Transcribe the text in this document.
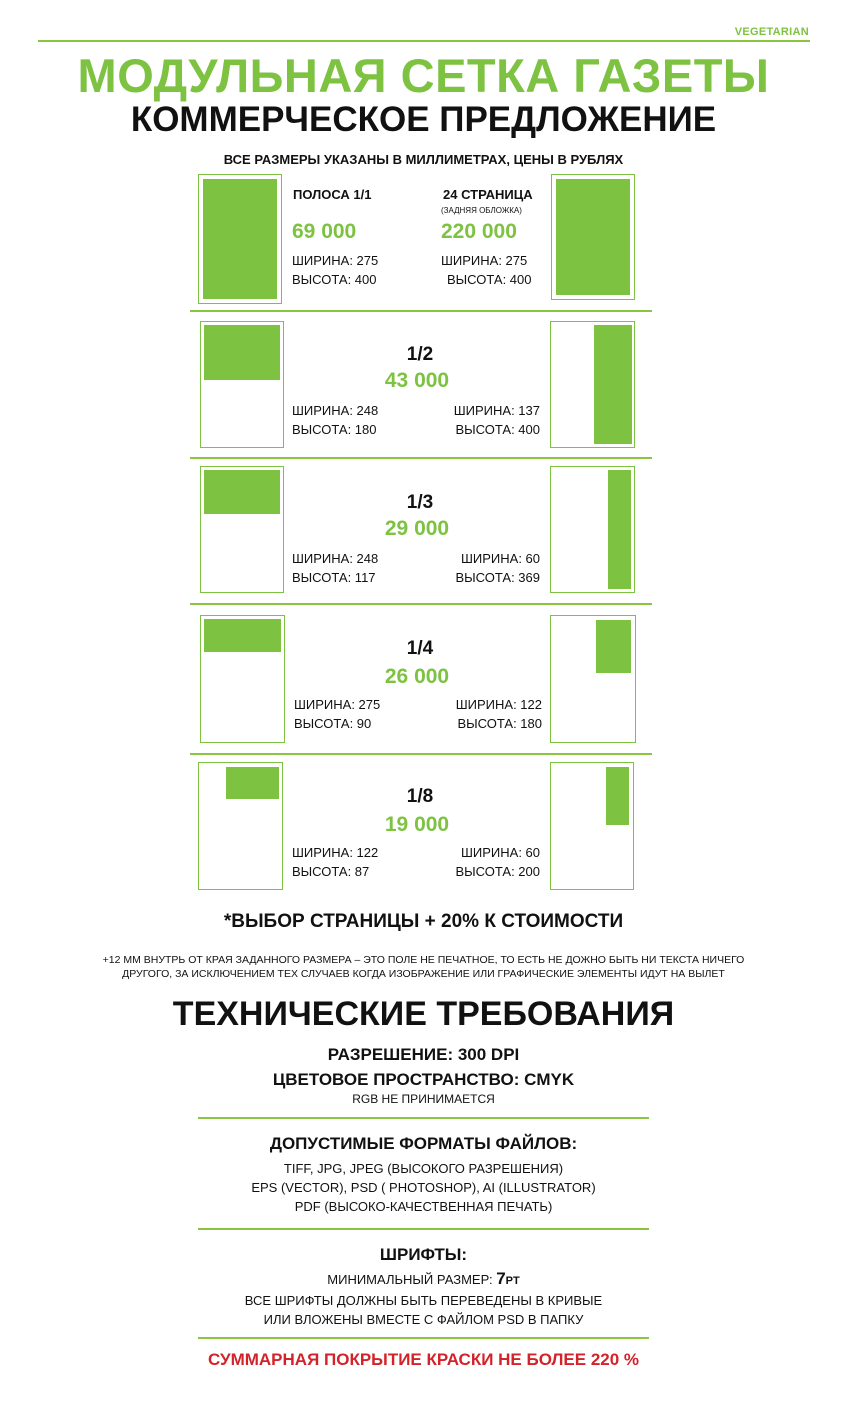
VEGETARIAN
МОДУЛЬНАЯ СЕТКА ГАЗЕТЫ
КОММЕРЧЕСКОЕ ПРЕДЛОЖЕНИЕ
ВСЕ РАЗМЕРЫ УКАЗАНЫ В МИЛЛИМЕТРАХ, ЦЕНЫ В РУБЛЯХ
ПОЛОСА 1/1
69 000
ШИРИНА: 275
ВЫСОТА: 400
24 СТРАНИЦА
(ЗАДНЯЯ ОБЛОЖКА)
220 000
ШИРИНА: 275
ВЫСОТА: 400
1/2
43 000
ШИРИНА: 248
ВЫСОТА: 180
ШИРИНА: 137
ВЫСОТА: 400
1/3
29 000
ШИРИНА: 248
ВЫСОТА: 117
ШИРИНА: 60
ВЫСОТА: 369
1/4
26 000
ШИРИНА: 275
ВЫСОТА: 90
ШИРИНА: 122
ВЫСОТА: 180
1/8
19 000
ШИРИНА: 122
ВЫСОТА: 87
ШИРИНА: 60
ВЫСОТА: 200
*ВЫБОР СТРАНИЦЫ + 20% К СТОИМОСТИ
+12 ММ ВНУТРЬ ОТ КРАЯ ЗАДАННОГО РАЗМЕРА – ЭТО ПОЛЕ НЕ ПЕЧАТНОЕ, ТО ЕСТЬ НЕ ДОЖНО БЫТЬ НИ ТЕКСТА НИЧЕГО
ДРУГОГО, ЗА ИСКЛЮЧЕНИЕМ ТЕХ СЛУЧАЕВ КОГДА ИЗОБРАЖЕНИЕ ИЛИ ГРАФИЧЕСКИЕ ЭЛЕМЕНТЫ ИДУТ НА ВЫЛЕТ
ТЕХНИЧЕСКИЕ ТРЕБОВАНИЯ
РАЗРЕШЕНИЕ: 300 DPI
ЦВЕТОВОЕ ПРОСТРАНСТВО: CMYK
RGB НЕ ПРИНИМАЕТСЯ
ДОПУСТИМЫЕ ФОРМАТЫ ФАЙЛОВ:
TIFF, JPG, JPEG (ВЫСОКОГО РАЗРЕШЕНИЯ)
EPS (VECTOR), PSD ( PHOTOSHOP), AI (ILLUSTRATOR)
PDF (ВЫСОКО-КАЧЕСТВЕННАЯ ПЕЧАТЬ)
ШРИФТЫ:
МИНИМАЛЬНЫЙ РАЗМЕР: 7PT
ВСЕ ШРИФТЫ ДОЛЖНЫ БЫТЬ ПЕРЕВЕДЕНЫ В КРИВЫЕ
ИЛИ ВЛОЖЕНЫ ВМЕСТЕ С ФАЙЛОМ PSD В ПАПКУ
СУММАРНАЯ ПОКРЫТИЕ КРАСКИ НЕ БОЛЕЕ 220 %
